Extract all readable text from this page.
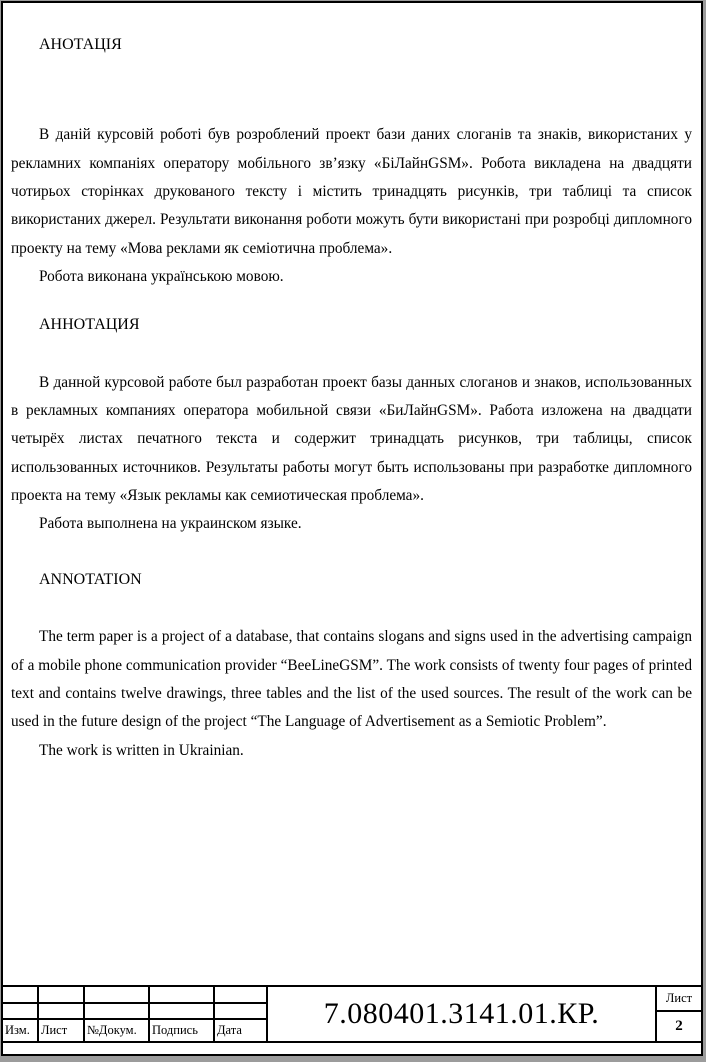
АНОТАЦІЯ

В даній курсовій роботі був розроблений проект бази даних слоганів та знаків, використаних у рекламних компаніях оператору мобільного зв’язку «БіЛайнGSM». Робота викладена на двадцяти чотирьох сторінках друкованого тексту і містить тринадцять рисунків, три таблиці та список використаних джерел. Результати виконання роботи можуть бути використані при розробці дипломного проекту на тему «Мова реклами як семіотична проблема».

Робота виконана українською мовою.

АННОТАЦИЯ

В данной курсовой работе был разработан проект базы данных слоганов и знаков, использованных в рекламных компаниях оператора мобильной связи «БиЛайнGSM». Работа изложена на двадцати четырёх листах печатного текста и содержит тринадцать рисунков, три таблицы, список использованных источников. Результаты работы могут быть использованы при разработке дипломного проекта на тему «Язык рекламы как семиотическая проблема».

Работа выполнена на украинском языке.

ANNOTATION

The term paper is a project of a database, that contains slogans and signs used in the advertising campaign of a mobile phone communication provider “BeeLineGSM”. The work consists of twenty four pages of printed text and contains twelve drawings, three tables and the list of the used sources. The result of the work can be used in the future design of the project “The Language of Advertisement as a Semiotic Problem”.

The work is written in Ukrainian.

Изм. Лист	№Докум.	Подпись	Дата	7.080401.3141.01.КР.	Лист
2
